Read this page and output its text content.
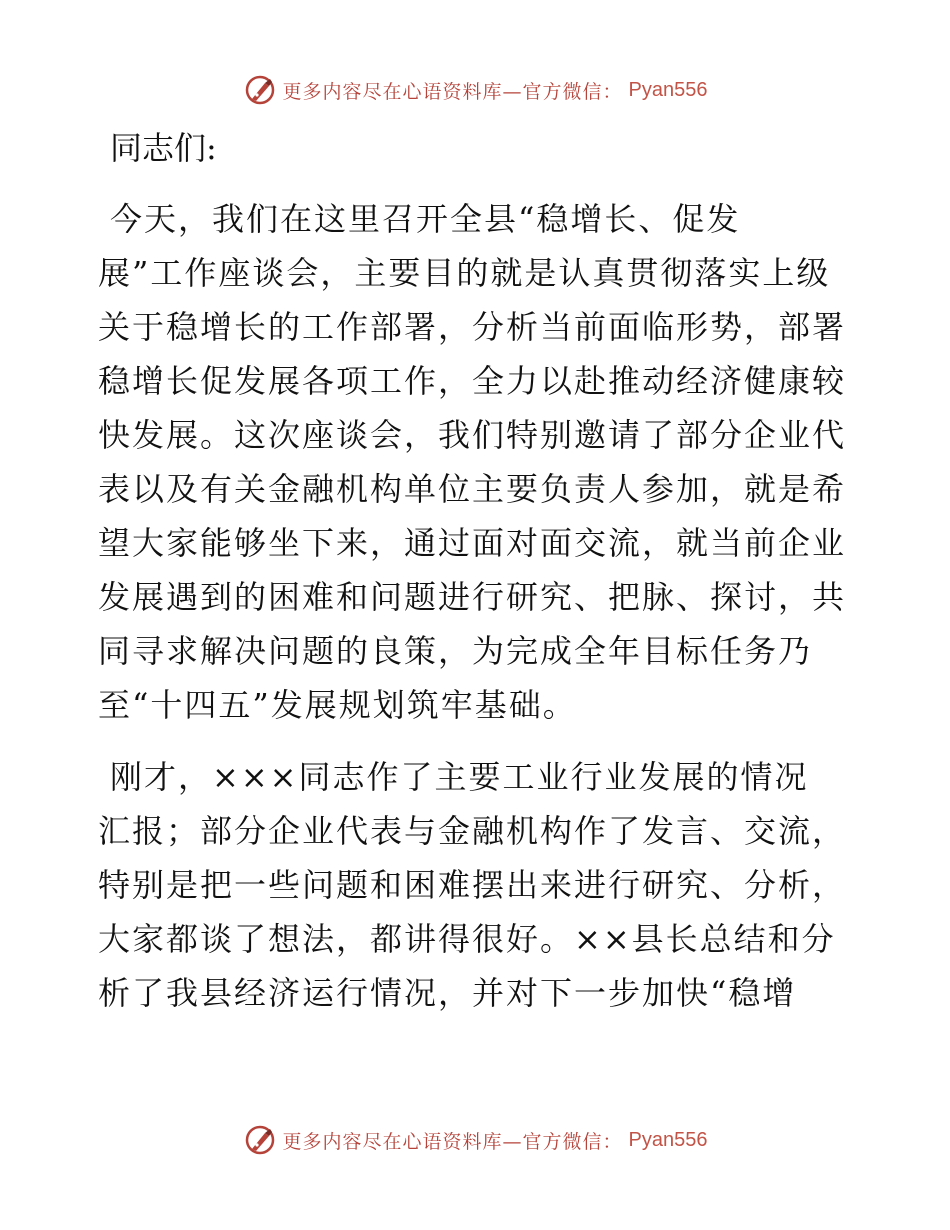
更多内容尽在心语资料库—官方微信： Pyan556
同志们:
今天，我们在这里召开全县“稳增长、促发
展”工作座谈会，主要目的就是认真贯彻落实上级
关于稳增长的工作部署，分析当前面临形势，部署
稳增长促发展各项工作，全力以赴推动经济健康较
快发展。这次座谈会，我们特别邀请了部分企业代
表以及有关金融机构单位主要负责人参加，就是希
望大家能够坐下来，通过面对面交流，就当前企业
发展遇到的困难和问题进行研究、把脉、探讨，共
同寻求解决问题的良策，为完成全年目标任务乃
至“十四五”发展规划筑牢基础。
刚才，×××同志作了主要工业行业发展的情况
汇报；部分企业代表与金融机构作了发言、交流，
特别是把一些问题和困难摆出来进行研究、分析，
大家都谈了想法，都讲得很好。××县长总结和分
析了我县经济运行情况，并对下一步加快“稳增
更多内容尽在心语资料库—官方微信： Pyan556
